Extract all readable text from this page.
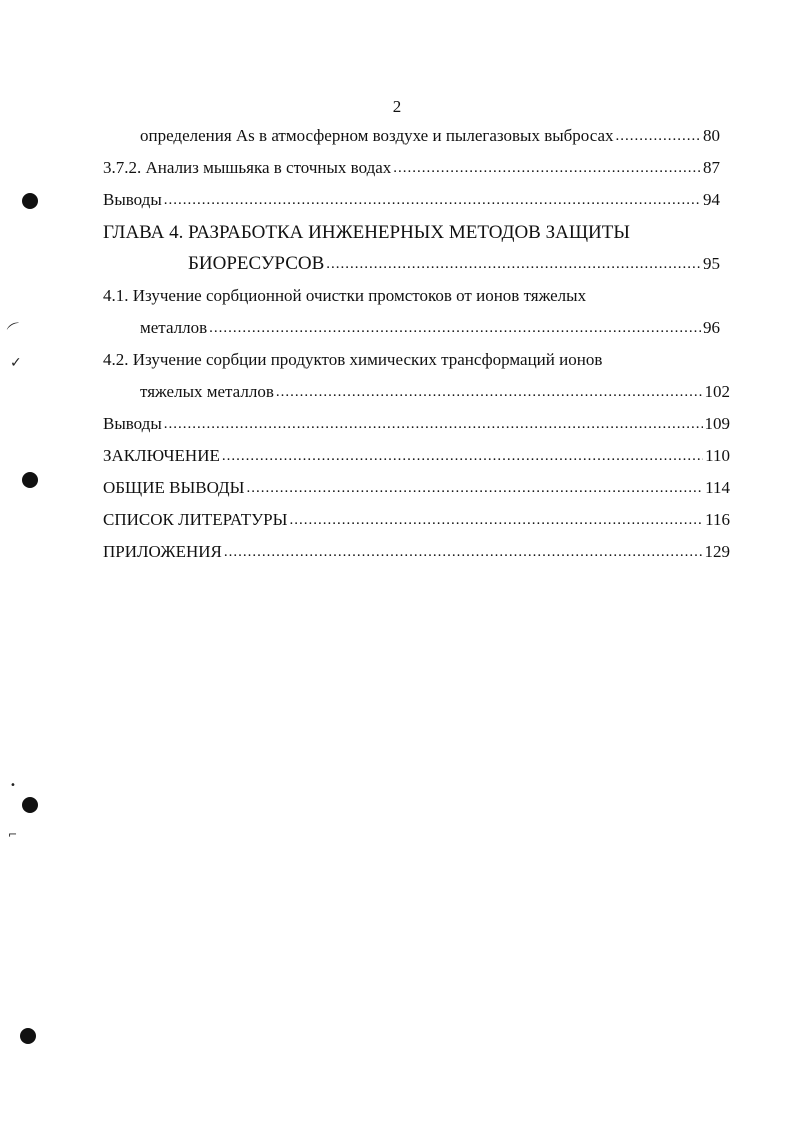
2
определения As в атмосферном воздухе и пылегазовых выбросах .....	80
3.7.2. Анализ мышьяка в сточных водах .....	87
Выводы .....	94
ГЛАВА 4. РАЗРАБОТКА ИНЖЕНЕРНЫХ МЕТОДОВ ЗАЩИТЫ
БИОРЕСУРСОВ .....	95
4.1. Изучение сорбционной очистки промстоков от ионов тяжелых
металлов .....	96
4.2. Изучение сорбции продуктов химических трансформаций ионов
тяжелых металлов .....	102
Выводы .....	109
ЗАКЛЮЧЕНИЕ .....	110
ОБЩИЕ ВЫВОДЫ .....	114
СПИСОК ЛИТЕРАТУРЫ .....	116
ПРИЛОЖЕНИЯ .....	129
⌒
✓
•
⌐
